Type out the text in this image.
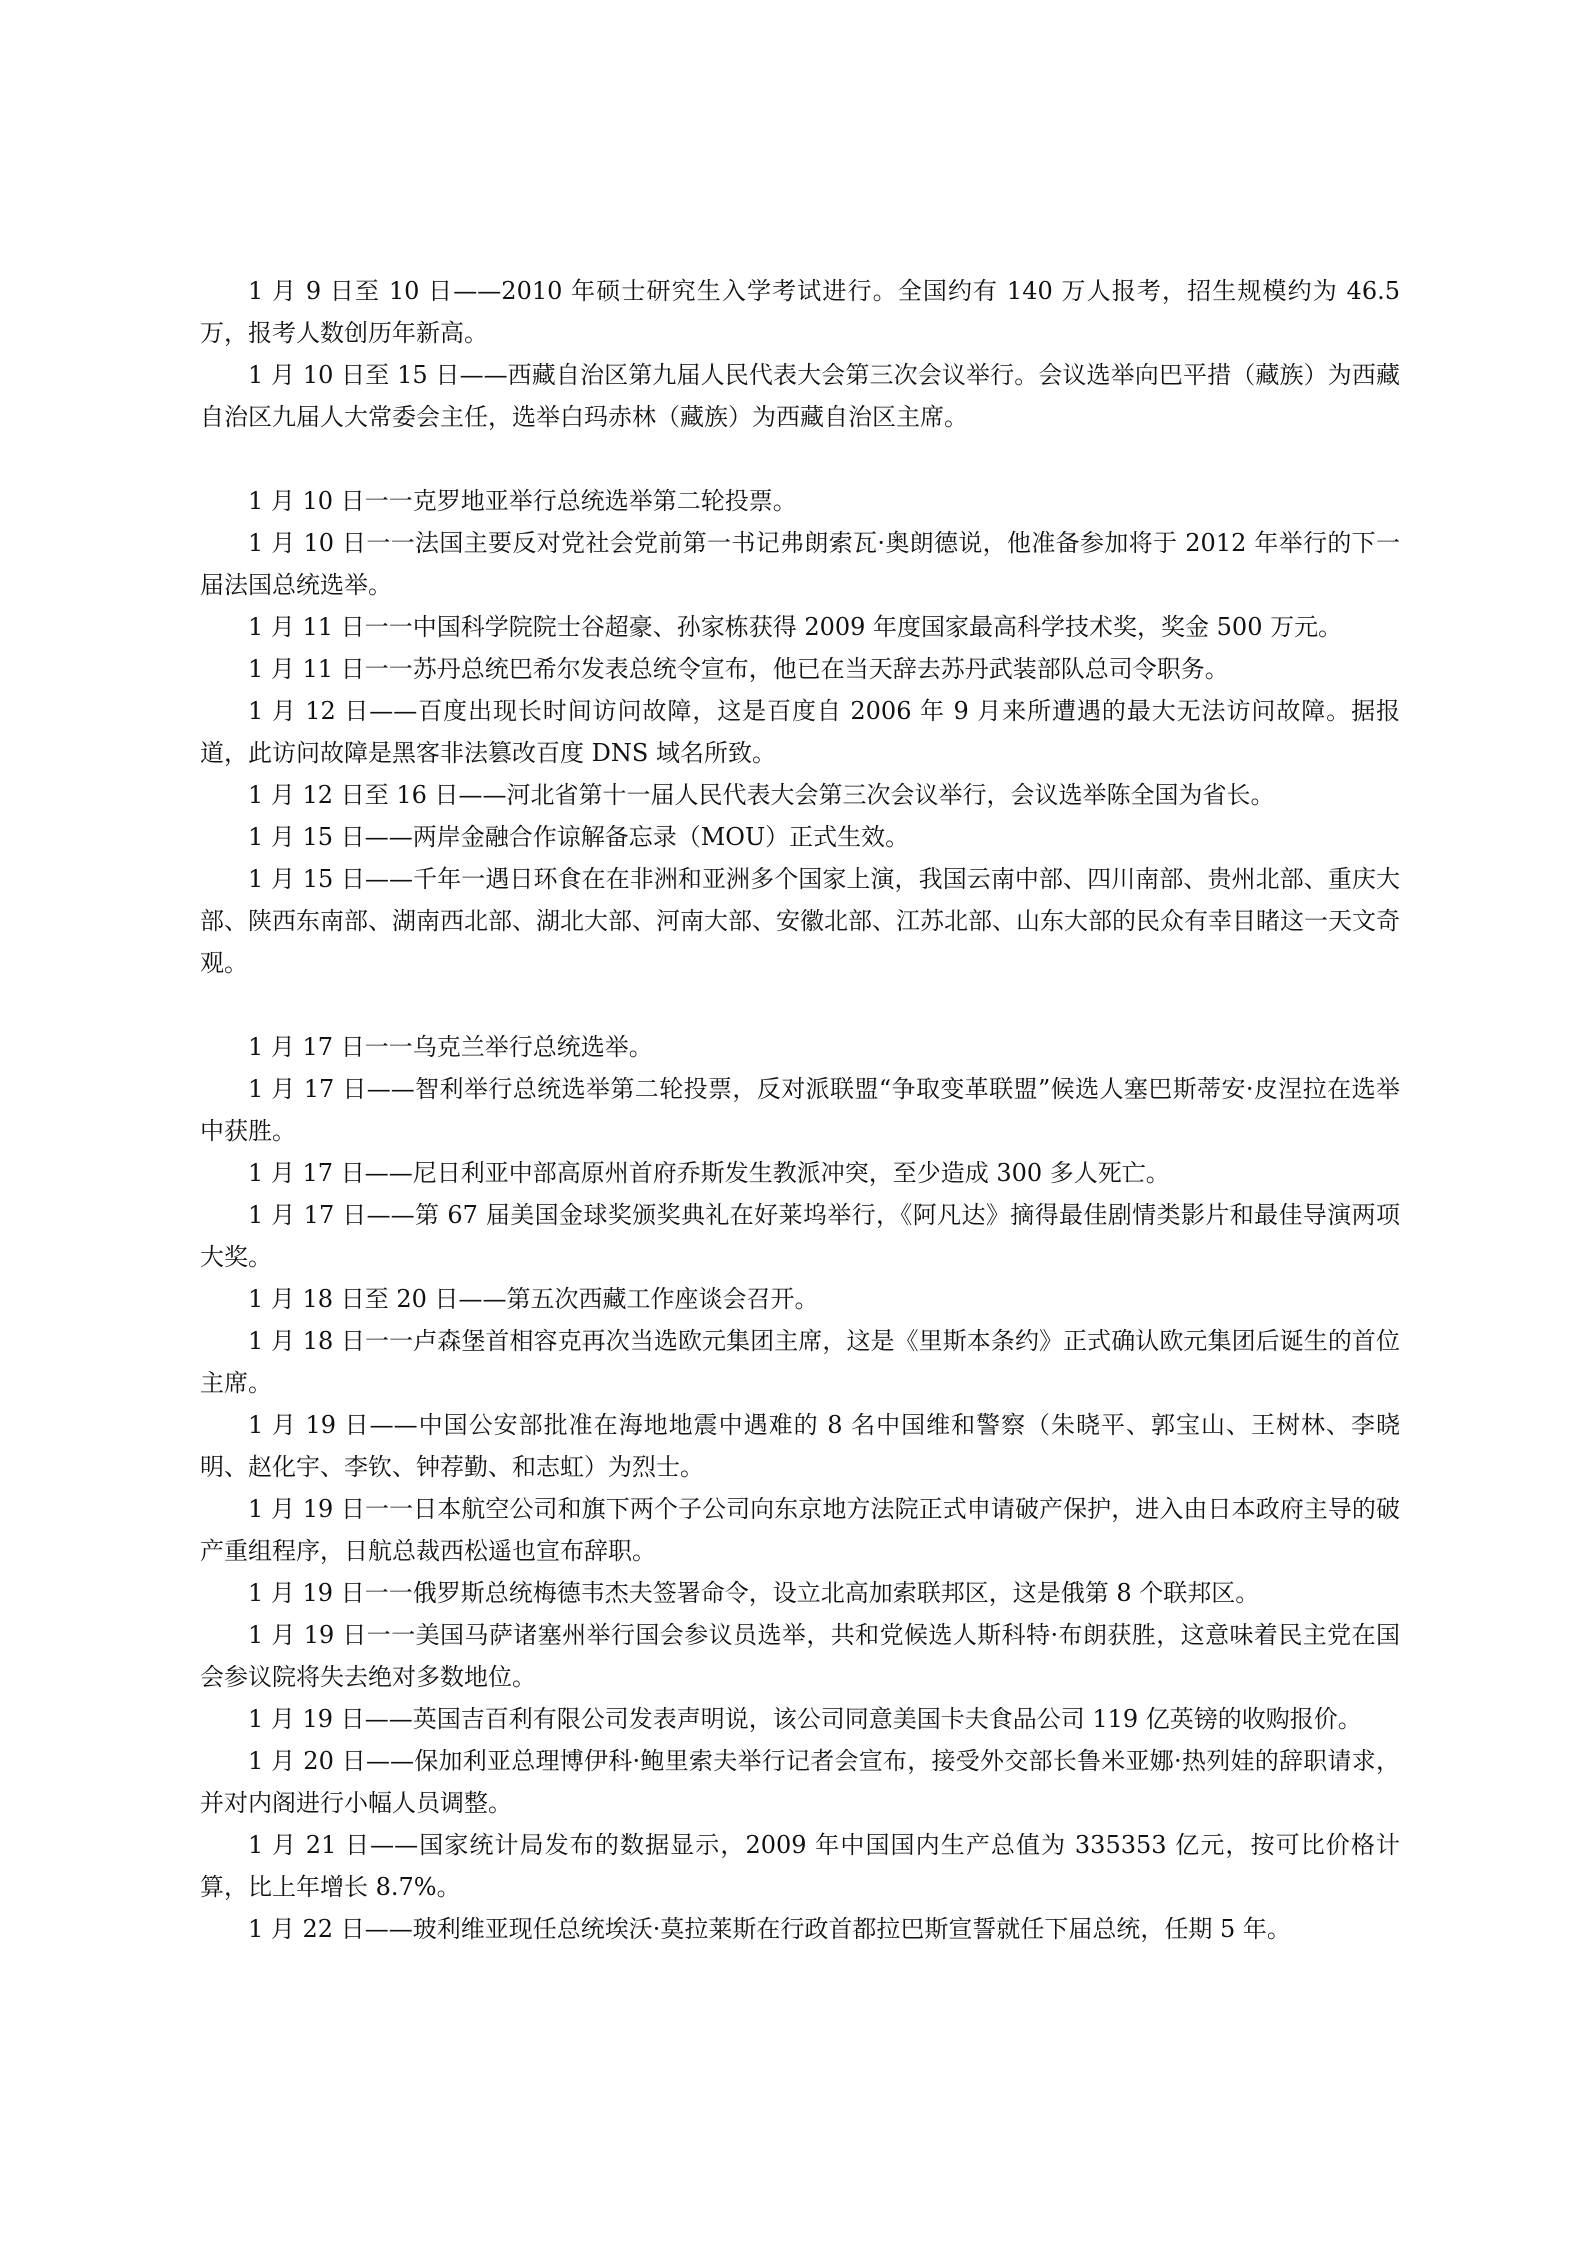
1 月 9 日至 10 日——2010 年硕士研究生入学考试进行。全国约有 140 万人报考，招生规模约为 46.5 万，报考人数创历年新高。

1 月 10 日至 15 日——西藏自治区第九届人民代表大会第三次会议举行。会议选举向巴平措（藏族）为西藏自治区九届人大常委会主任，选举白玛赤林（藏族）为西藏自治区主席。

1 月 10 日一一克罗地亚举行总统选举第二轮投票。

1 月 10 日一一法国主要反对党社会党前第一书记弗朗索瓦·奥朗德说，他准备参加将于 2012 年举行的下一届法国总统选举。

1 月 11 日一一中国科学院院士谷超豪、孙家栋获得 2009 年度国家最高科学技术奖，奖金 500 万元。

1 月 11 日一一苏丹总统巴希尔发表总统令宣布，他已在当天辞去苏丹武装部队总司令职务。

1 月 12 日——百度出现长时间访问故障，这是百度自 2006 年 9 月来所遭遇的最大无法访问故障。据报道，此访问故障是黑客非法篡改百度 DNS 域名所致。

1 月 12 日至 16 日——河北省第十一届人民代表大会第三次会议举行，会议选举陈全国为省长。

1 月 15 日——两岸金融合作谅解备忘录（MOU）正式生效。

1 月 15 日——千年一遇日环食在在非洲和亚洲多个国家上演，我国云南中部、四川南部、贵州北部、重庆大部、陕西东南部、湖南西北部、湖北大部、河南大部、安徽北部、江苏北部、山东大部的民众有幸目睹这一天文奇观。

1 月 17 日一一乌克兰举行总统选举。

1 月 17 日——智利举行总统选举第二轮投票，反对派联盟“争取变革联盟”候选人塞巴斯蒂安·皮涅拉在选举中获胜。

1 月 17 日——尼日利亚中部高原州首府乔斯发生教派冲突，至少造成 300 多人死亡。

1 月 17 日——第 67 届美国金球奖颁奖典礼在好莱坞举行，《阿凡达》摘得最佳剧情类影片和最佳导演两项大奖。

1 月 18 日至 20 日——第五次西藏工作座谈会召开。

1 月 18 日一一卢森堡首相容克再次当选欧元集团主席，这是《里斯本条约》正式确认欧元集团后诞生的首位主席。

1 月 19 日——中国公安部批准在海地地震中遇难的 8 名中国维和警察（朱晓平、郭宝山、王树林、李晓明、赵化宇、李钦、钟荐勤、和志虹）为烈士。

1 月 19 日一一日本航空公司和旗下两个子公司向东京地方法院正式申请破产保护，进入由日本政府主导的破产重组程序，日航总裁西松遥也宣布辞职。

1 月 19 日一一俄罗斯总统梅德韦杰夫签署命令，设立北高加索联邦区，这是俄第 8 个联邦区。

1 月 19 日一一美国马萨诸塞州举行国会参议员选举，共和党候选人斯科特·布朗获胜，这意味着民主党在国会参议院将失去绝对多数地位。

1 月 19 日——英国吉百利有限公司发表声明说，该公司同意美国卡夫食品公司 119 亿英镑的收购报价。

1 月 20 日——保加利亚总理博伊科·鲍里索夫举行记者会宣布，接受外交部长鲁米亚娜·热列娃的辞职请求，并对内阁进行小幅人员调整。

1 月 21 日——国家统计局发布的数据显示，2009 年中国国内生产总值为 335353 亿元，按可比价格计算，比上年增长 8.7%。

1 月 22 日——玻利维亚现任总统埃沃·莫拉莱斯在行政首都拉巴斯宣誓就任下届总统，任期 5 年。
